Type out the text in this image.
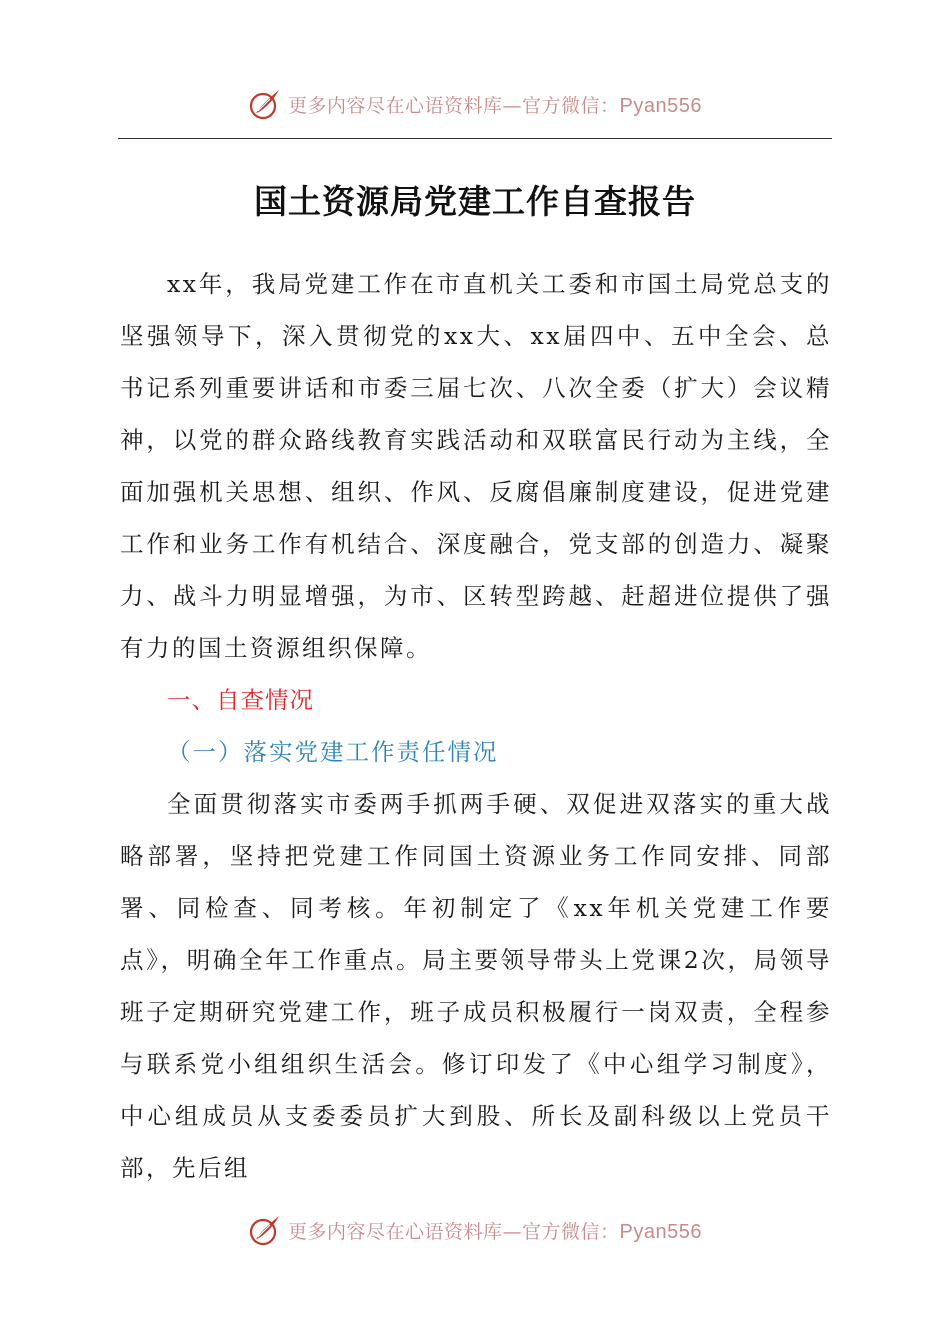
更多内容尽在心语资料库—官方微信：Pyan556
国土资源局党建工作自查报告

xx年，我局党建工作在市直机关工委和市国土局党总支的坚强领导下，深入贯彻党的xx大、xx届四中、五中全会、总书记系列重要讲话和市委三届七次、八次全委（扩大）会议精神，以党的群众路线教育实践活动和双联富民行动为主线，全面加强机关思想、组织、作风、反腐倡廉制度建设，促进党建工作和业务工作有机结合、深度融合，党支部的创造力、凝聚力、战斗力明显增强，为市、区转型跨越、赶超进位提供了强有力的国土资源组织保障。

一、自查情况

（一）落实党建工作责任情况

全面贯彻落实市委两手抓两手硬、双促进双落实的重大战略部署，坚持把党建工作同国土资源业务工作同安排、同部署、同检查、同考核。年初制定了《xx年机关党建工作要点》，明确全年工作重点。局主要领导带头上党课2次，局领导班子定期研究党建工作，班子成员积极履行一岗双责，全程参与联系党小组组织生活会。修订印发了《中心组学习制度》，中心组成员从支委委员扩大到股、所长及副科级以上党员干部，先后组

更多内容尽在心语资料库—官方微信：Pyan556
